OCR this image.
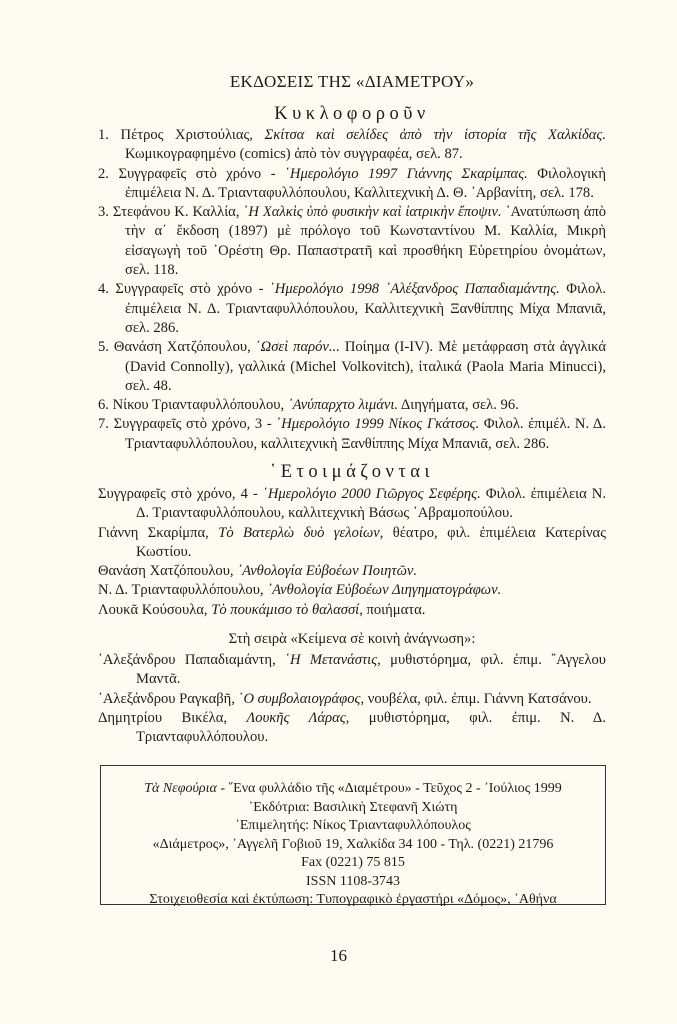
ΕΚΔΟΣΕΙΣ ΤΗΣ «ΔΙΑΜΕΤΡΟΥ»
Κυκλοφοροῦν
1. Πέτρος Χριστούλιας, Σκίτσα καὶ σελίδες ἀπὸ τὴν ἱστορία τῆς Χαλκίδας. Κωμικογραφημένο (comics) ἀπὸ τὸν συγγραφέα, σελ. 87.
2. Συγγραφεῖς στὸ χρόνο - ῾Ημερολόγιο 1997 Γιάννης Σκαρίμπας. Φιλολογικὴ ἐπιμέλεια Ν. Δ. Τριανταφυλλόπουλου, Καλλιτεχνικὴ Δ. Θ. ᾿Αρβανίτη, σελ. 178.
3. Στεφάνου Κ. Καλλία, ῾Η Χαλκὶς ὑπὸ φυσικὴν καὶ ἰατρικὴν ἔποψιν. ᾿Ανατύπωση ἀπὸ τὴν α΄ ἔκδοση (1897) μὲ πρόλογο τοῦ Κωνσταντίνου Μ. Καλλία, Μικρὴ εἰσαγωγὴ τοῦ ᾿Ορέστη Θρ. Παπαστρατῆ καὶ προσθήκη Εὑρετηρίου ὀνομάτων, σελ. 118.
4. Συγγραφεῖς στὸ χρόνο - ῾Ημερολόγιο 1998 ᾿Αλέξανδρος Παπαδιαμάντης. Φιλολ. ἐπιμέλεια Ν. Δ. Τριανταφυλλόπουλου, Καλλιτεχνικὴ Ξανθίππης Μίχα Μπανιᾶ, σελ. 286.
5. Θανάση Χατζόπουλου, ῾Ωσεὶ παρόν... Ποίημα (I-IV). Μὲ μετάφραση στὰ ἀγγλικά (David Connolly), γαλλικά (Michel Volkovitch), ἰταλικά (Paola Maria Minucci), σελ. 48.
6. Νίκου Τριανταφυλλόπουλου, ᾿Ανύπαρχτο λιμάνι. Διηγήματα, σελ. 96.
7. Συγγραφεῖς στὸ χρόνο, 3 - ῾Ημερολόγιο 1999 Νίκος Γκάτσος. Φιλολ. ἐπιμέλ. Ν. Δ. Τριανταφυλλόπουλου, καλλιτεχνικὴ Ξανθίππης Μίχα Μπανιᾶ, σελ. 286.
῾Ετοιμάζονται
Συγγραφεῖς στὸ χρόνο, 4 - ῾Ημερολόγιο 2000 Γιῶργος Σεφέρης. Φιλολ. ἐπιμέλεια Ν. Δ. Τριανταφυλλόπουλου, καλλιτεχνικὴ Βάσως ᾿Αβραμοπούλου.
Γιάννη Σκαρίμπα, Τὸ Βατερλὼ δυὸ γελοίων, θέατρο, φιλ. ἐπιμέλεια Κατερίνας Κωστίου.
Θανάση Χατζόπουλου, ᾿Ανθολογία Εὐβοέων Ποιητῶν.
Ν. Δ. Τριανταφυλλόπουλου, ᾿Ανθολογία Εὐβοέων Διηγηματογράφων.
Λουκᾶ Κούσουλα, Τὸ πουκάμισο τὸ θαλασσί, ποιήματα.
Στὴ σειρὰ «Κείμενα σὲ κοινὴ ἀνάγνωση»:
᾿Αλεξάνδρου Παπαδιαμάντη, ῾Η Μετανάστις, μυθιστόρημα, φιλ. ἐπιμ. ῎Αγγελου Μαντᾶ.
᾿Αλεξάνδρου Ραγκαβῆ, ῾Ο συμβολαιογράφος, νουβέλα, φιλ. ἐπιμ. Γιάννη Κατσάνου.
Δημητρίου Βικέλα, Λουκῆς Λάρας, μυθιστόρημα, φιλ. ἐπιμ. Ν. Δ. Τριανταφυλλόπουλου.
Τὰ Νεφούρια - ῞Ενα φυλλάδιο τῆς «Διαμέτρου» - Τεῦχος 2 - ᾿Ιούλιος 1999
᾿Εκδότρια: Βασιλικὴ Στεφανῆ Χιώτη
᾿Επιμελητής: Νίκος Τριανταφυλλόπουλος
«Διάμετρος», ᾿Αγγελῆ Γοβιοῦ 19, Χαλκίδα 34 100 - Τηλ. (0221) 21796
Fax (0221) 75 815
ISSN 1108-3743
Στοιχειοθεσία καὶ ἐκτύπωση: Τυπογραφικὸ ἐργαστήρι «Δόμος», ᾿Αθήνα
16
